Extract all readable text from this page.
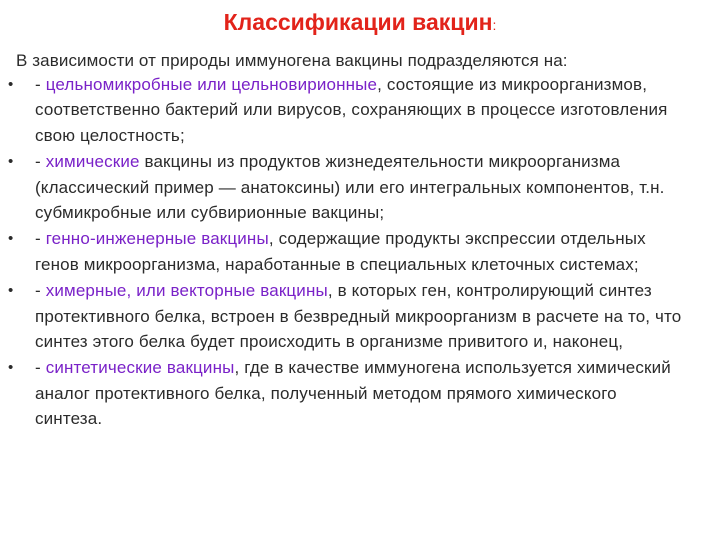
Классификации вакцин:
В зависимости от природы иммуногена вакцины подразделяются на:
•	- цельномикробные или цельновирионные, состоящие из микроорганизмов, соответственно бактерий или вирусов, сохраняющих в процессе изготовления свою целостность;
•	- химические вакцины из продуктов жизнедеятельности микроорганизма (классический пример — анатоксины) или его интегральных компонентов, т.н. субмикробные или субвирионные вакцины;
•	- генно-инженерные вакцины, содержащие продукты экспрессии отдельных генов микроорганизма, наработанные в специальных клеточных системах;
•	- химерные, или векторные вакцины, в которых ген, контролирующий синтез протективного белка, встроен в безвредный микроорганизм в расчете на то, что синтез этого белка будет происходить в организме привитого и, наконец,
•	- синтетические вакцины, где в качестве иммуногена используется химический аналог протективного белка, полученный методом прямого химического синтеза.
